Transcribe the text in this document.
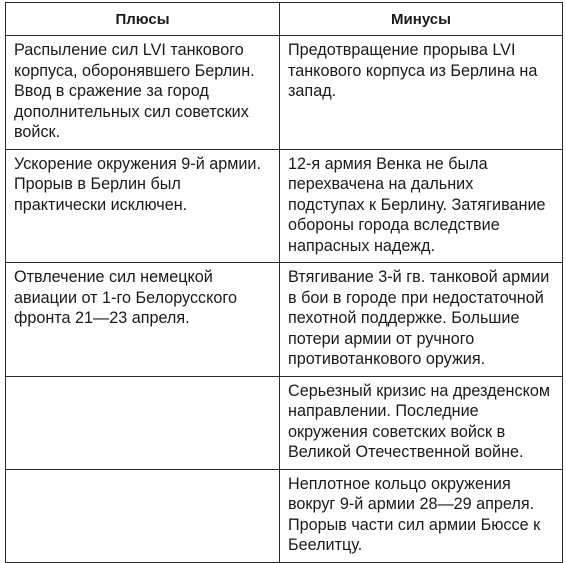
Плюсы	Минусы

Распыление сил LVI танкового корпуса, оборонявшего Берлин. Ввод в сражение за город дополнительных сил советских войск.	Предотвращение прорыва LVI танкового корпуса из Берлина на запад.

Ускорение окружения 9-й армии. Прорыв в Берлин был практически исключен.	12-я армия Венка не была перехвачена на дальних подступах к Берлину. Затягивание обороны города вследствие напрасных надежд.

Отвлечение сил немецкой авиации от 1-го Белорусского фронта 21—23 апреля.	Втягивание 3-й гв. танковой армии в бои в городе при недостаточной пехотной поддержке. Большие потери армии от ручного противотанкового оружия.

	Серьезный кризис на дрезденском направлении. Последние окружения советских войск в Великой Отечественной войне.

	Неплотное кольцо окружения вокруг 9-й армии 28—29 апреля. Прорыв части сил армии Бюссе к Беелитцу.
